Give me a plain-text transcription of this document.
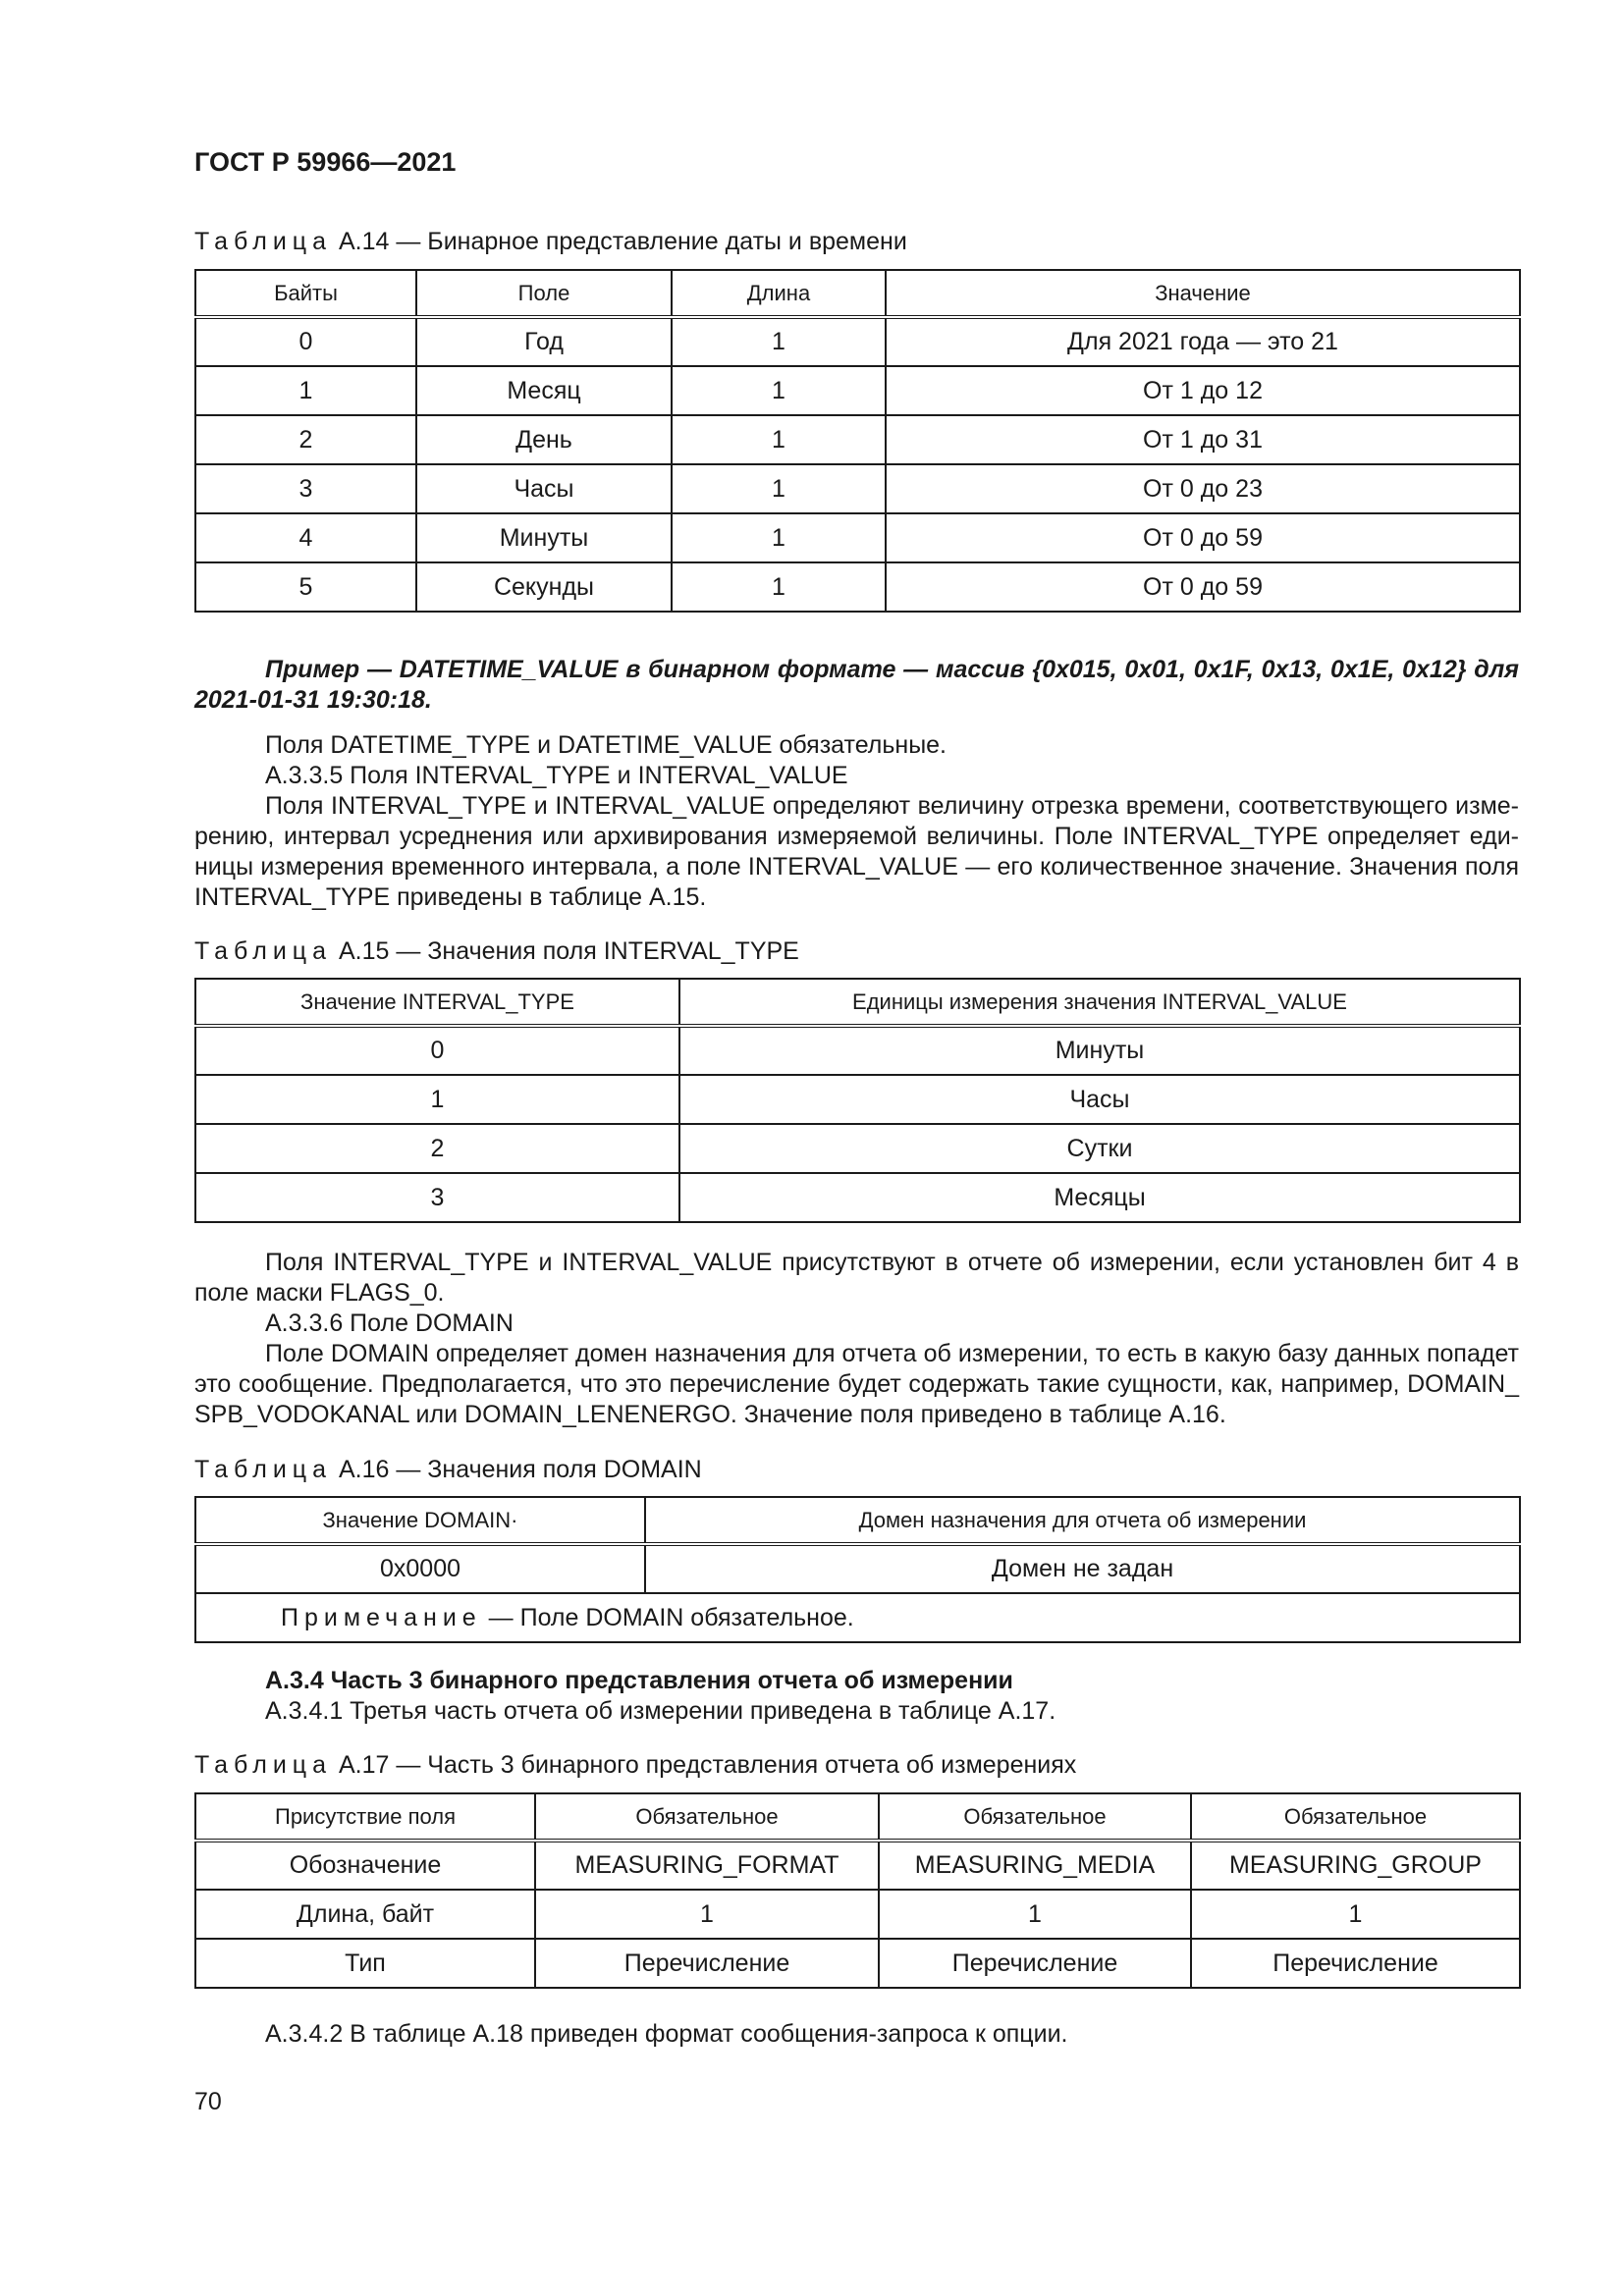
ГОСТ Р 59966—2021
Таблица А.14 — Бинарное представление даты и времени
Байты	Поле	Длина	Значение
0	Год	1	Для 2021 года — это 21
1	Месяц	1	От 1 до 12
2	День	1	От 1 до 31
3	Часы	1	От 0 до 23
4	Минуты	1	От 0 до 59
5	Секунды	1	От 0 до 59
Пример — DATETIME_VALUE в бинарном формате — массив {0x015, 0x01, 0x1F, 0x13, 0x1E, 0x12} для 2021-01-31 19:30:18.
Поля DATETIME_TYPE и DATETIME_VALUE обязательные.
А.3.3.5 Поля INTERVAL_TYPE и INTERVAL_VALUE
Поля INTERVAL_TYPE и INTERVAL_VALUE определяют величину отрезка времени, соответствующего измерению, интервал усреднения или архивирования измеряемой величины. Поле INTERVAL_TYPE определяет единицы измерения временного интервала, а поле INTERVAL_VALUE — его количественное значение. Значения поля INTERVAL_TYPE приведены в таблице А.15.
Таблица А.15 — Значения поля INTERVAL_TYPE
Значение INTERVAL_TYPE	Единицы измерения значения INTERVAL_VALUE
0	Минуты
1	Часы
2	Сутки
3	Месяцы
Поля INTERVAL_TYPE и INTERVAL_VALUE присутствуют в отчете об измерении, если установлен бит 4 в поле маски FLAGS_0.
А.3.3.6 Поле DOMAIN
Поле DOMAIN определяет домен назначения для отчета об измерении, то есть в какую базу данных попадет это сообщение. Предполагается, что это перечисление будет содержать такие сущности, как, например, DOMAIN_ SPB_VODOKANAL или DOMAIN_LENENERGO. Значение поля приведено в таблице А.16.
Таблица А.16 — Значения поля DOMAIN
Значение DOMAIN·	Домен назначения для отчета об измерении
0x0000	Домен не задан
Примечание — Поле DOMAIN обязательное.	
А.3.4 Часть 3 бинарного представления отчета об измерении
А.3.4.1 Третья часть отчета об измерении приведена в таблице А.17.
Таблица А.17 — Часть 3 бинарного представления отчета об измерениях
Присутствие поля	Обязательное	Обязательное	Обязательное
Обозначение	MEASURING_FORMAT	MEASURING_MEDIA	MEASURING_GROUP
Длина, байт	1	1	1
Тип	Перечисление	Перечисление	Перечисление
А.3.4.2 В таблице А.18 приведен формат сообщения-запроса к опции.
70
